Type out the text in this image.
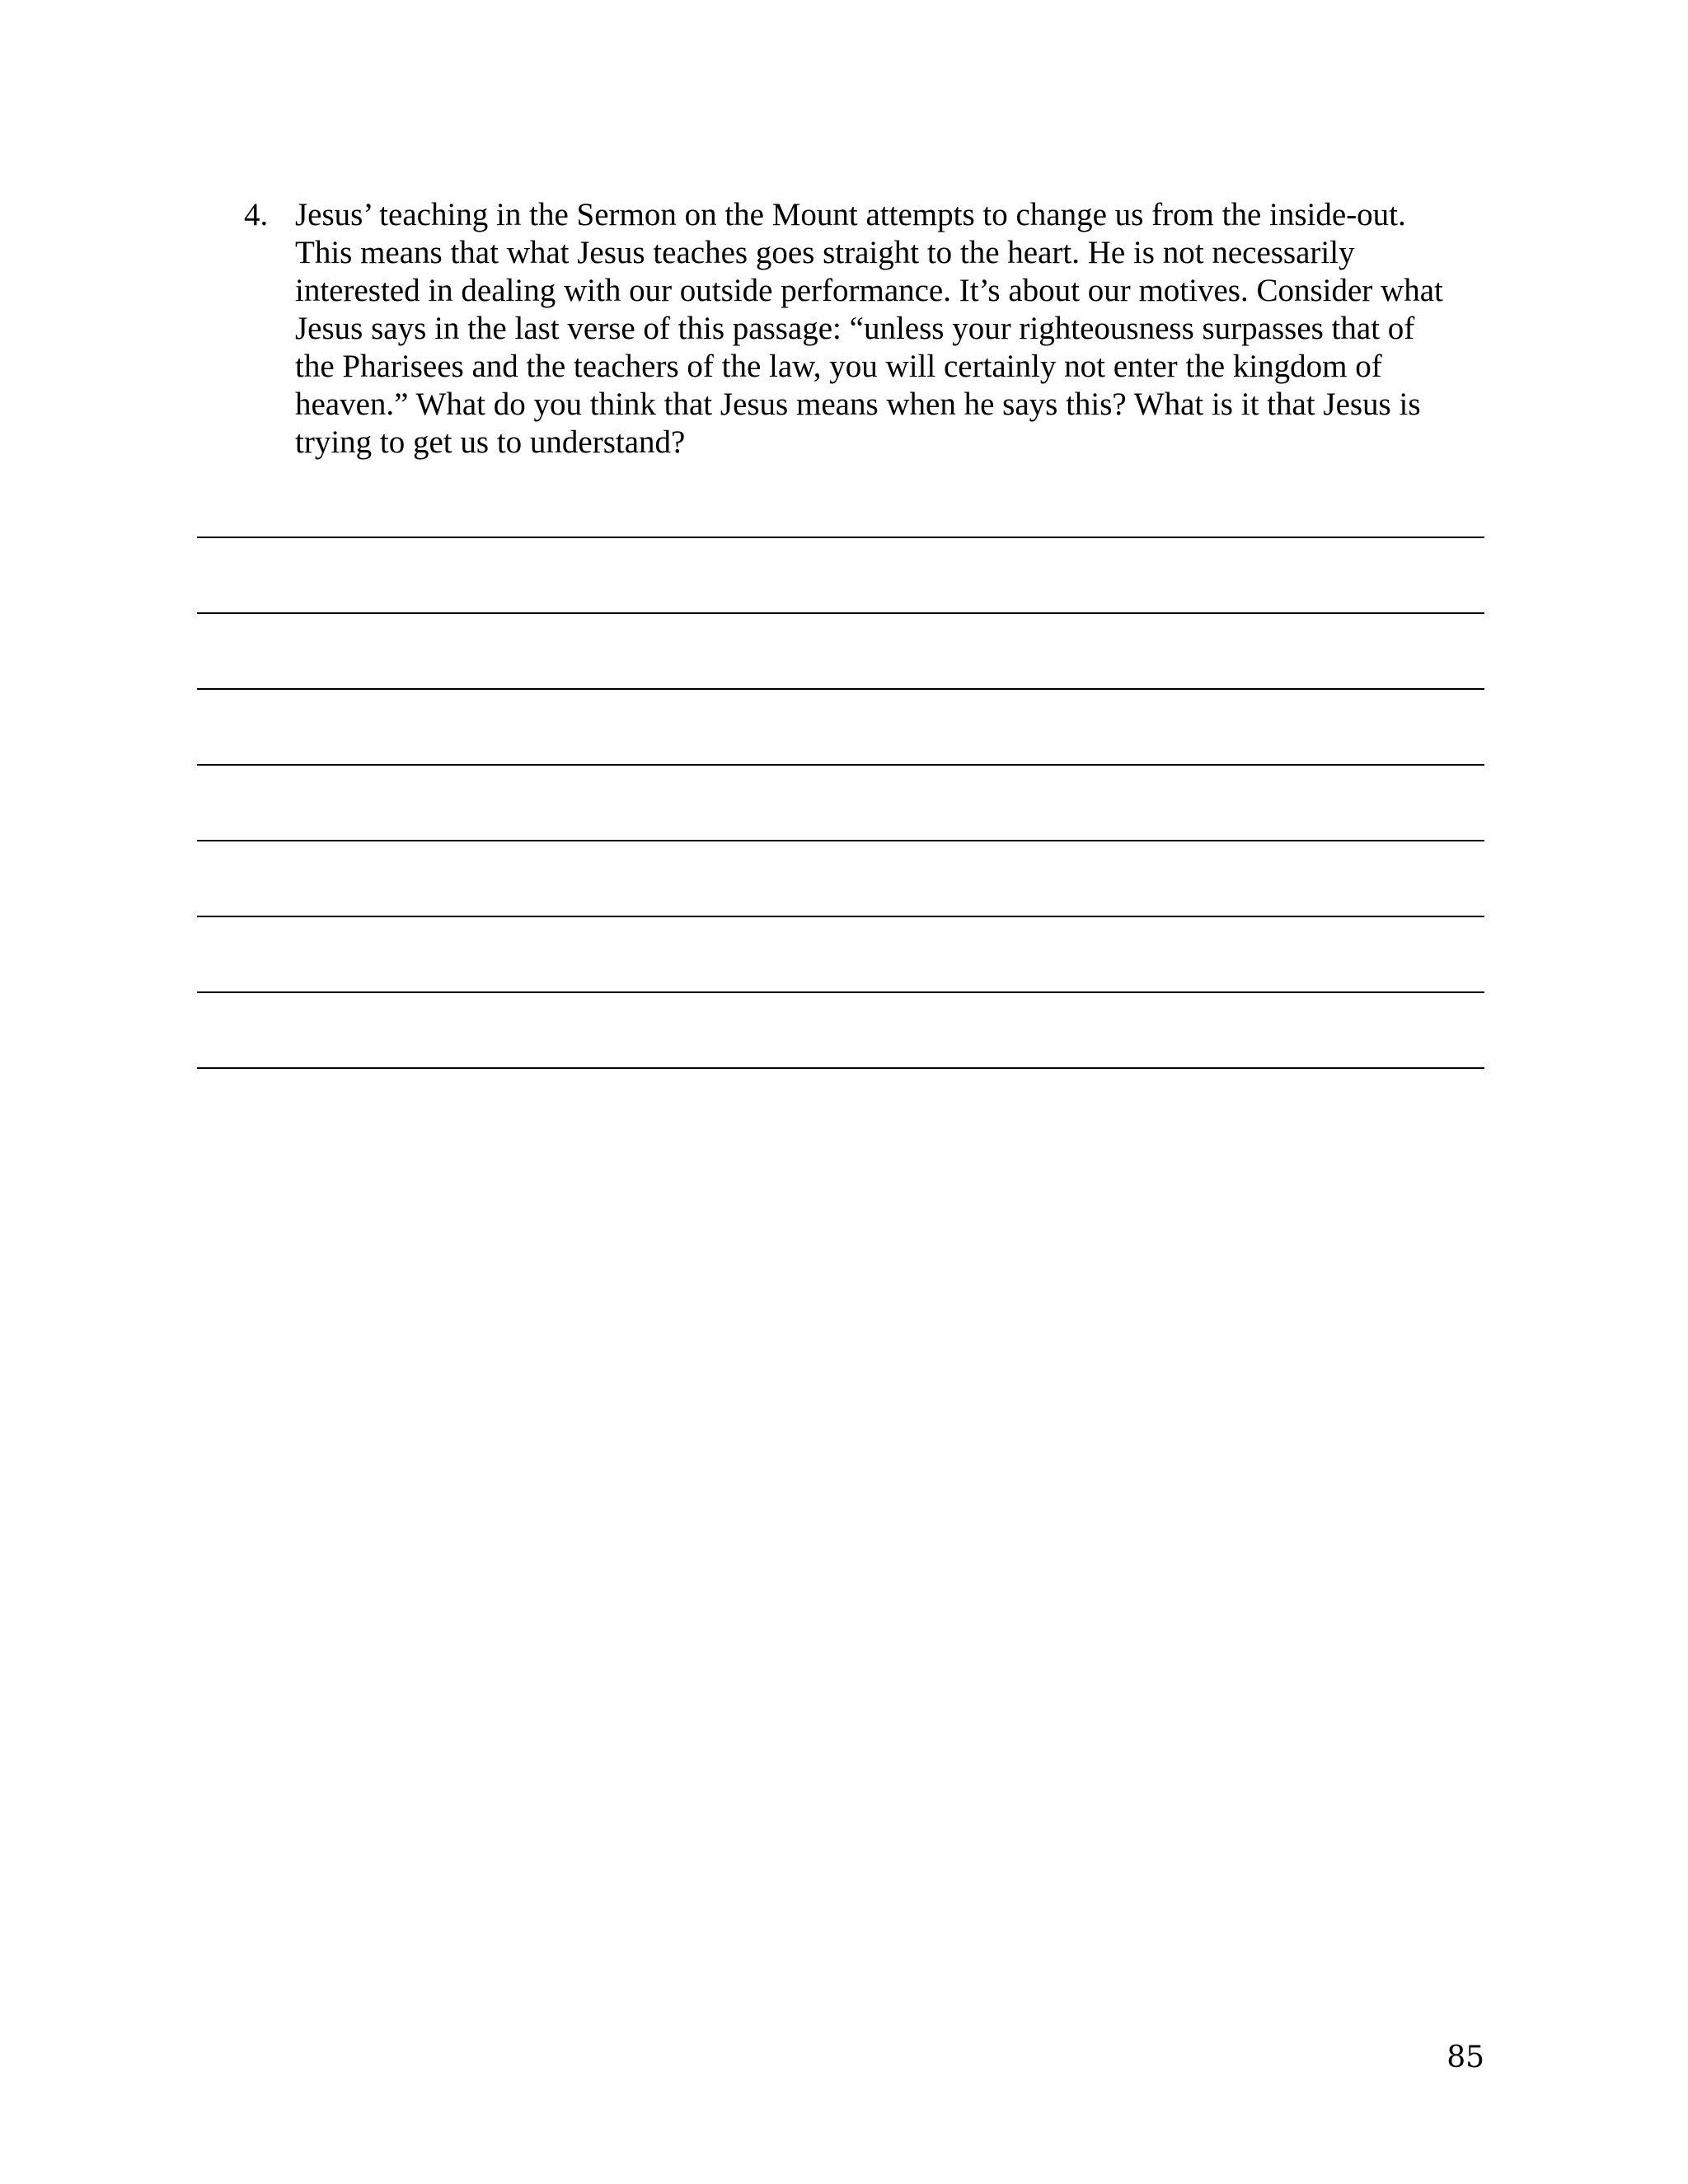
4. Jesus’ teaching in the Sermon on the Mount attempts to change us from the inside-out.
This means that what Jesus teaches goes straight to the heart. He is not necessarily
interested in dealing with our outside performance. It’s about our motives. Consider what
Jesus says in the last verse of this passage: “unless your righteousness surpasses that of
the Pharisees and the teachers of the law, you will certainly not enter the kingdom of
heaven.” What do you think that Jesus means when he says this? What is it that Jesus is
trying to get us to understand?
85
